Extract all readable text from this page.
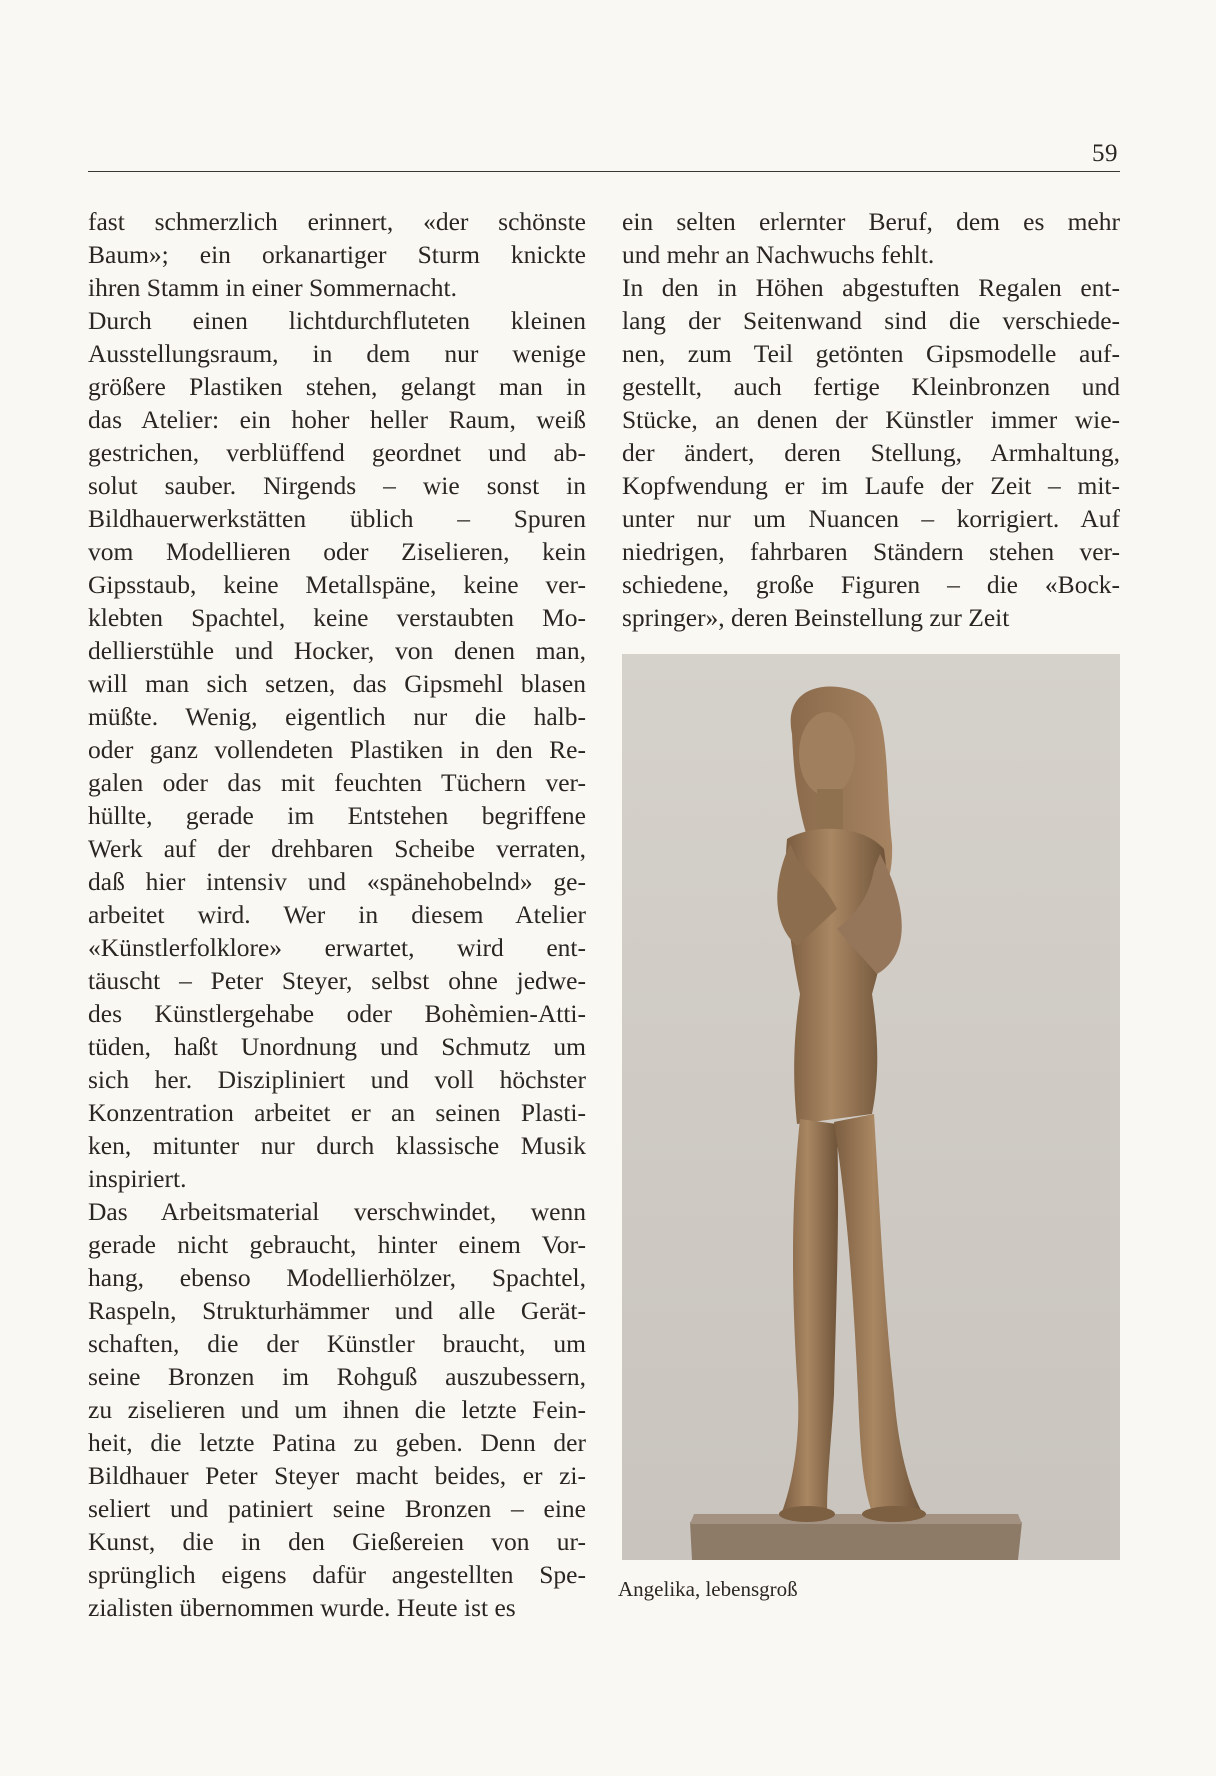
59

fast schmerzlich erinnert, «der schönste
Baum»; ein orkanartiger Sturm knickte
ihren Stamm in einer Sommernacht.

Durch einen lichtdurchfluteten kleinen
Ausstellungsraum, in dem nur wenige
größere Plastiken stehen, gelangt man in
das Atelier: ein hoher heller Raum, weiß
gestrichen, verblüffend geordnet und ab-
solut sauber. Nirgends – wie sonst in
Bildhauerwerkstätten üblich – Spuren
vom Modellieren oder Ziselieren, kein
Gipsstaub, keine Metallspäne, keine ver-
klebten Spachtel, keine verstaubten Mo-
dellierstühle und Hocker, von denen man,
will man sich setzen, das Gipsmehl blasen
müßte. Wenig, eigentlich nur die halb-
oder ganz vollendeten Plastiken in den Re-
galen oder das mit feuchten Tüchern ver-
hüllte, gerade im Entstehen begriffene
Werk auf der drehbaren Scheibe verraten,
daß hier intensiv und «spänehobelnd» ge-
arbeitet wird. Wer in diesem Atelier
«Künstlerfolklore» erwartet, wird ent-
täuscht – Peter Steyer, selbst ohne jedwe-
des Künstlergehabe oder Bohèmien-Atti-
tüden, haßt Unordnung und Schmutz um
sich her. Diszipliniert und voll höchster
Konzentration arbeitet er an seinen Plasti-
ken, mitunter nur durch klassische Musik
inspiriert.

Das Arbeitsmaterial verschwindet, wenn
gerade nicht gebraucht, hinter einem Vor-
hang, ebenso Modellierhölzer, Spachtel,
Raspeln, Strukturhämmer und alle Gerät-
schaften, die der Künstler braucht, um
seine Bronzen im Rohguß auszubessern,
zu ziselieren und um ihnen die letzte Fein-
heit, die letzte Patina zu geben. Denn der
Bildhauer Peter Steyer macht beides, er zi-
seliert und patiniert seine Bronzen – eine
Kunst, die in den Gießereien von ur-
sprünglich eigens dafür angestellten Spe-
zialisten übernommen wurde. Heute ist es

ein selten erlernter Beruf, dem es mehr
und mehr an Nachwuchs fehlt.

In den in Höhen abgestuften Regalen ent-
lang der Seitenwand sind die verschiede-
nen, zum Teil getönten Gipsmodelle auf-
gestellt, auch fertige Kleinbronzen und
Stücke, an denen der Künstler immer wie-
der ändert, deren Stellung, Armhaltung,
Kopfwendung er im Laufe der Zeit – mit-
unter nur um Nuancen – korrigiert. Auf
niedrigen, fahrbaren Ständern stehen ver-
schiedene, große Figuren – die «Bock-
springer», deren Beinstellung zur Zeit

Angelika, lebensgroß
